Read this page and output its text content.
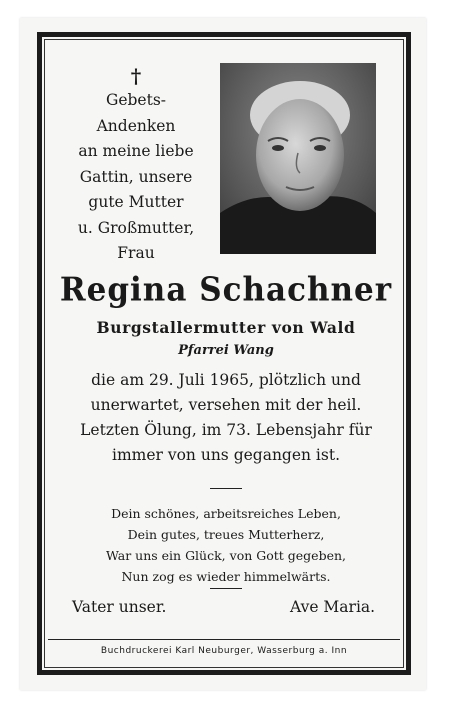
†
Gebets-
Andenken
an meine liebe
Gattin, unsere
gute Mutter
u. Großmutter,
Frau
Regina Schachner
Burgstallermutter von Wald
Pfarrei Wang
die am 29. Juli 1965, plötzlich und
unerwartet, versehen mit der heil.
Letzten Ölung, im 73. Lebensjahr für
immer von uns gegangen ist.
Dein schönes, arbeitsreiches Leben,
Dein gutes, treues Mutterherz,
War uns ein Glück, von Gott gegeben,
Nun zog es wieder himmelwärts.
Vater unser.	Ave Maria.
Buchdruckerei Karl Neuburger, Wasserburg a. Inn
